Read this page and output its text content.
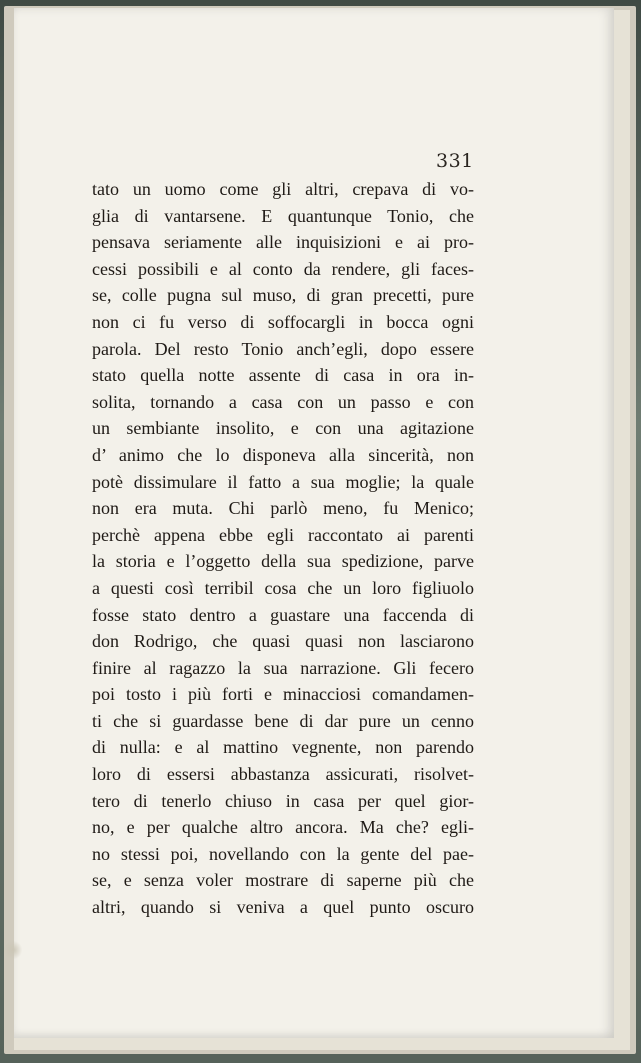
331
tato un uomo come gli altri, crepava di vo-
glia di vantarsene. E quantunque Tonio, che
pensava seriamente alle inquisizioni e ai pro-
cessi possibili e al conto da rendere, gli faces-
se, colle pugna sul muso, di gran precetti, pure
non ci fu verso di soffocargli in bocca ogni
parola. Del resto Tonio anch’egli, dopo essere
stato quella notte assente di casa in ora in-
solita, tornando a casa con un passo e con
un sembiante insolito, e con una agitazione
d’ animo che lo disponeva alla sincerità, non
potè dissimulare il fatto a sua moglie; la quale
non era muta. Chi parlò meno, fu Menico;
perchè appena ebbe egli raccontato ai parenti
la storia e l’oggetto della sua spedizione, parve
a questi così terribil cosa che un loro figliuolo
fosse stato dentro a guastare una faccenda di
don Rodrigo, che quasi quasi non lasciarono
finire al ragazzo la sua narrazione. Gli fecero
poi tosto i più forti e minacciosi comandamen-
ti che si guardasse bene di dar pure un cenno
di nulla: e al mattino vegnente, non parendo
loro di essersi abbastanza assicurati, risolvet-
tero di tenerlo chiuso in casa per quel gior-
no, e per qualche altro ancora. Ma che? egli-
no stessi poi, novellando con la gente del pae-
se, e senza voler mostrare di saperne più che
altri, quando si veniva a quel punto oscuro
